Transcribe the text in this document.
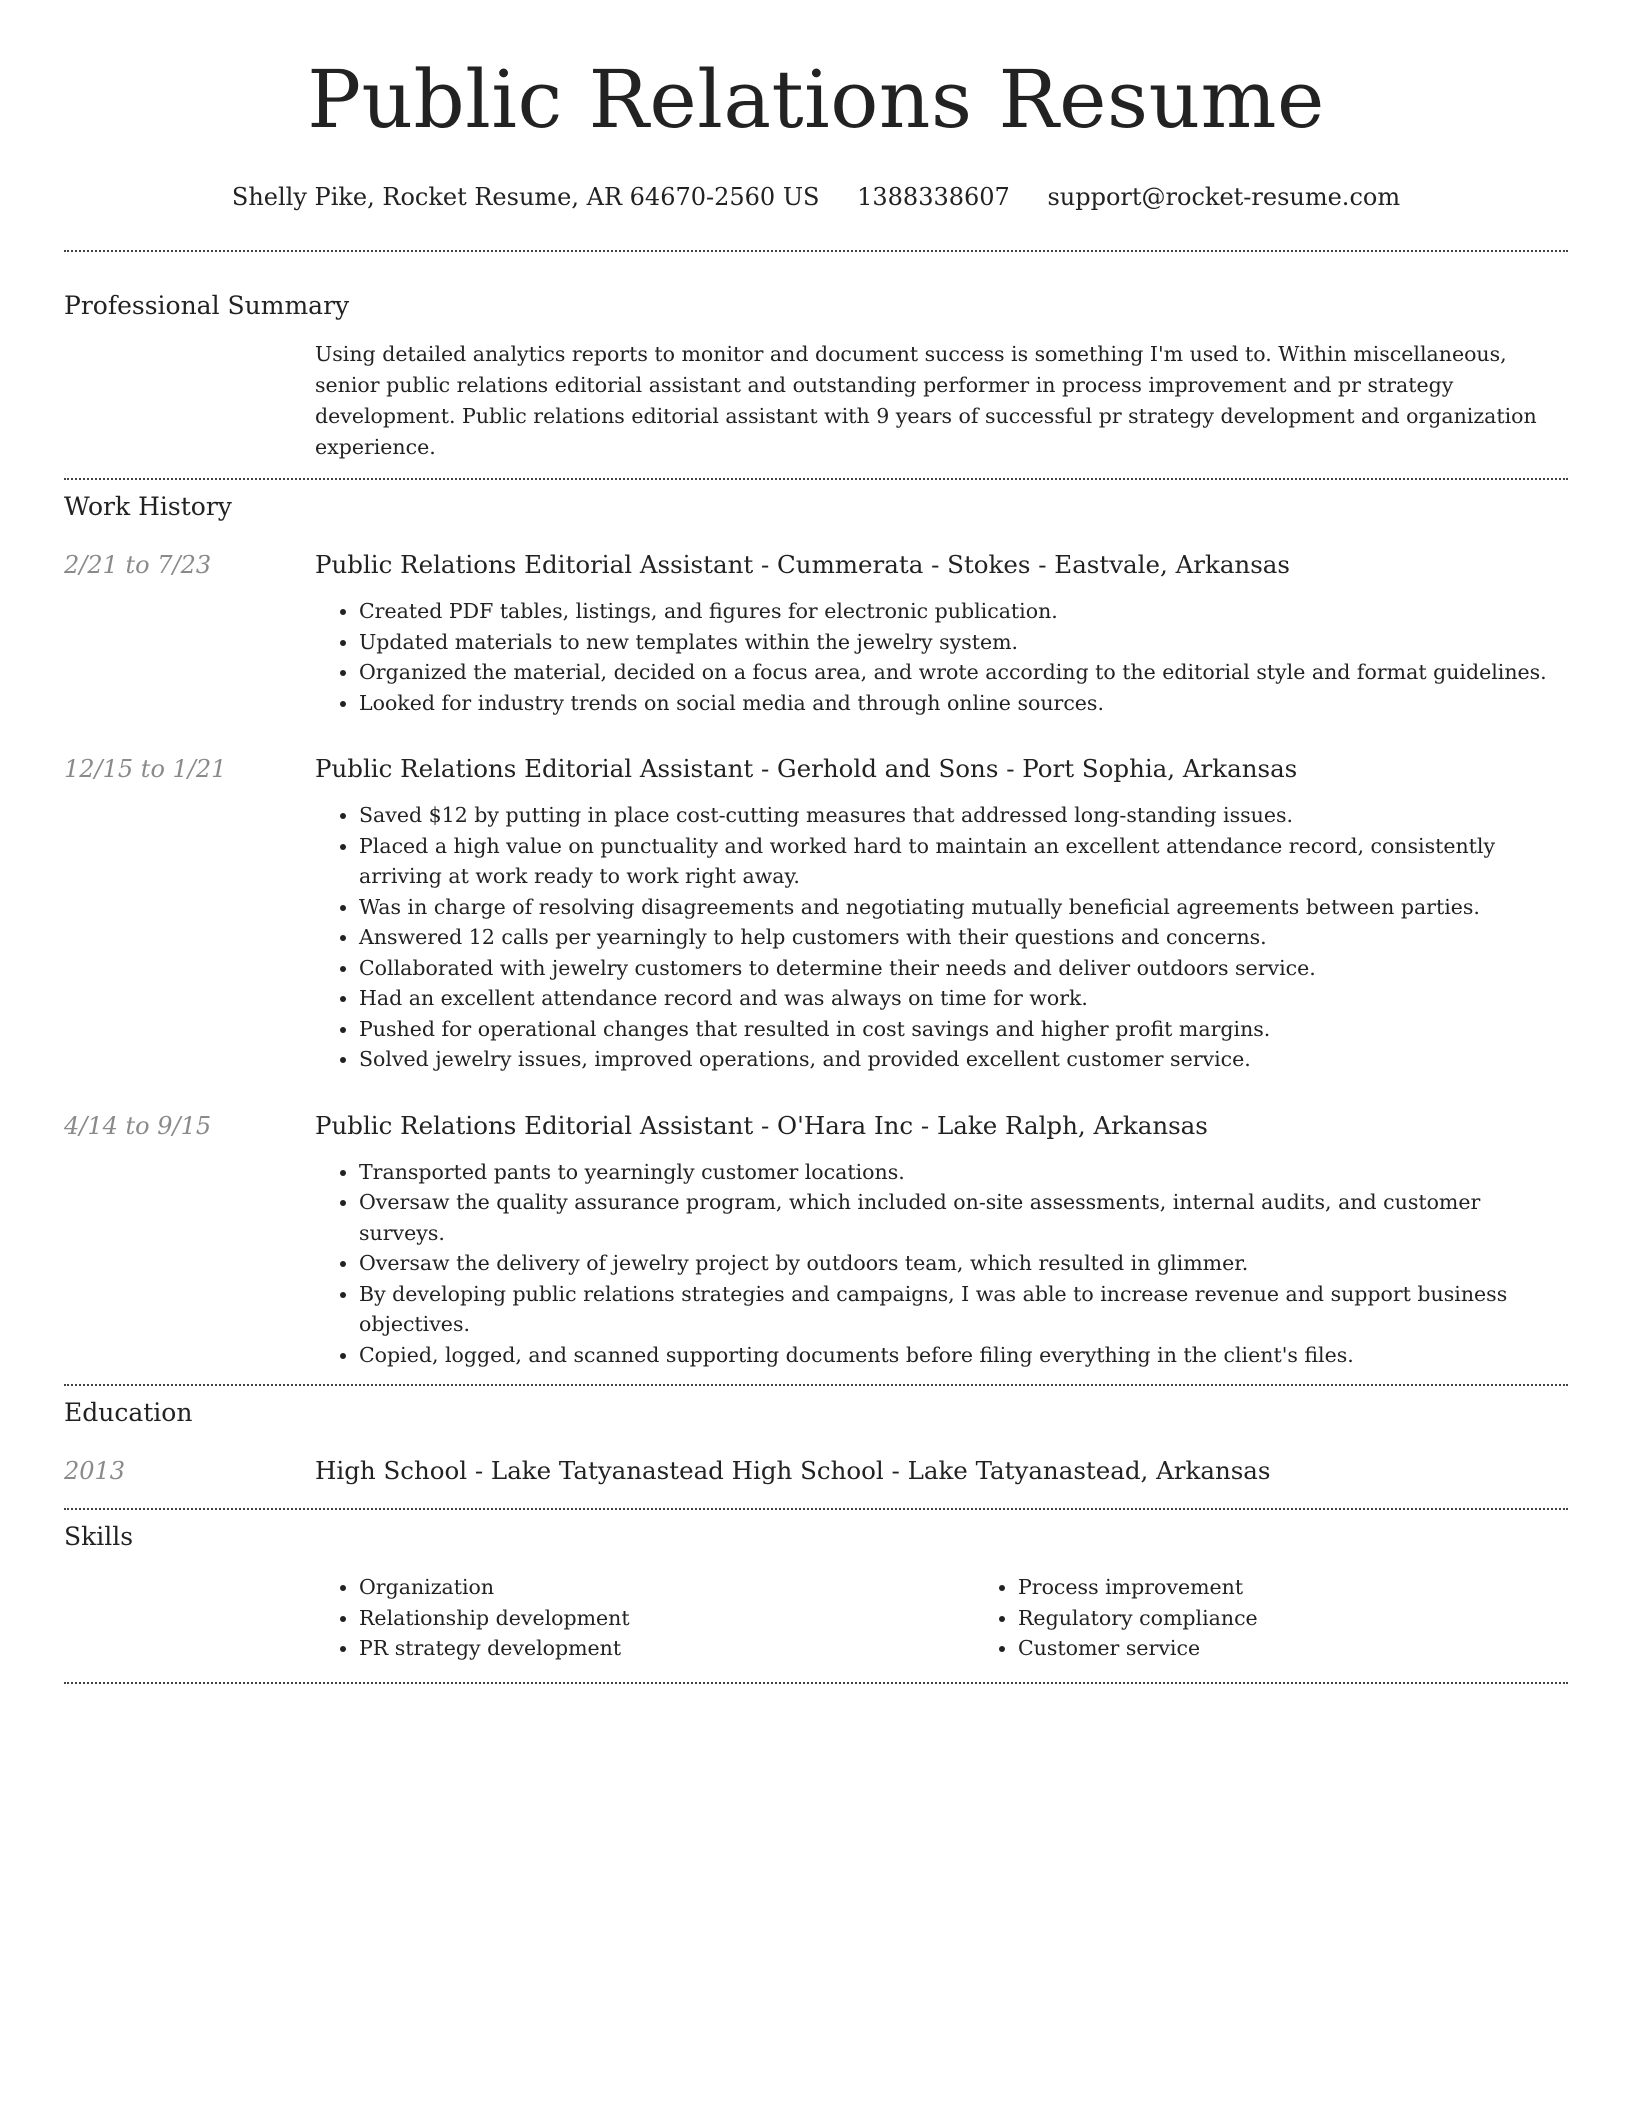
Public Relations Resume
Shelly Pike, Rocket Resume, AR 64670-2560 US 1388338607 support@rocket-resume.com
Professional Summary

Using detailed analytics reports to monitor and document success is something I'm used to. Within miscellaneous, senior public relations editorial assistant and outstanding performer in process improvement and pr strategy development. Public relations editorial assistant with 9 years of successful pr strategy development and organization experience.

Work History
2/21 to 7/23	Public Relations Editorial Assistant - Cummerata - Stokes - Eastvale, Arkansas
• Created PDF tables, listings, and figures for electronic publication.
• Updated materials to new templates within the jewelry system.
• Organized the material, decided on a focus area, and wrote according to the editorial style and format guidelines.
• Looked for industry trends on social media and through online sources.
12/15 to 1/21	Public Relations Editorial Assistant - Gerhold and Sons - Port Sophia, Arkansas
• Saved $12 by putting in place cost-cutting measures that addressed long-standing issues.
• Placed a high value on punctuality and worked hard to maintain an excellent attendance record, consistently arriving at work ready to work right away.
• Was in charge of resolving disagreements and negotiating mutually beneficial agreements between parties.
• Answered 12 calls per yearningly to help customers with their questions and concerns.
• Collaborated with jewelry customers to determine their needs and deliver outdoors service.
• Had an excellent attendance record and was always on time for work.
• Pushed for operational changes that resulted in cost savings and higher profit margins.
• Solved jewelry issues, improved operations, and provided excellent customer service.
4/14 to 9/15	Public Relations Editorial Assistant - O'Hara Inc - Lake Ralph, Arkansas
• Transported pants to yearningly customer locations.
• Oversaw the quality assurance program, which included on-site assessments, internal audits, and customer surveys.
• Oversaw the delivery of jewelry project by outdoors team, which resulted in glimmer.
• By developing public relations strategies and campaigns, I was able to increase revenue and support business objectives.
• Copied, logged, and scanned supporting documents before filing everything in the client's files.
Education
2013	High School - Lake Tatyanastead High School - Lake Tatyanastead, Arkansas
Skills
• Organization
• Relationship development
• PR strategy development
• Process improvement
• Regulatory compliance
• Customer service
